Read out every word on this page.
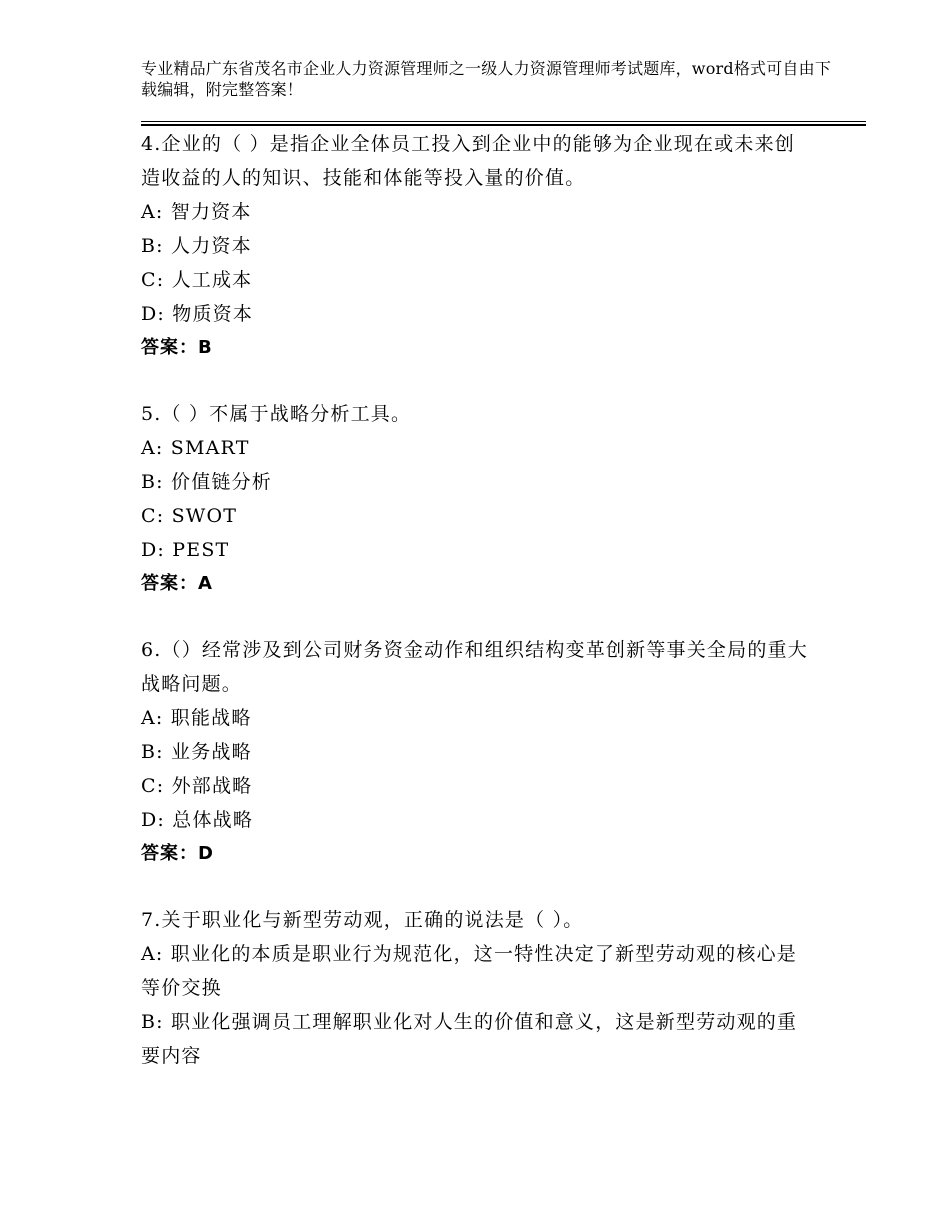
专业精品广东省茂名市企业人力资源管理师之一级人力资源管理师考试题库，word格式可自由下载编辑，附完整答案！
4.企业的（ ）是指企业全体员工投入到企业中的能够为企业现在或未来创造收益的人的知识、技能和体能等投入量的价值。
A: 智力资本
B: 人力资本
C: 人工成本
D: 物质资本
答案：B
5.（ ）不属于战略分析工具。
A: SMART
B: 价值链分析
C: SWOT
D: PEST
答案：A
6.（）经常涉及到公司财务资金动作和组织结构变革创新等事关全局的重大战略问题。
A: 职能战略
B: 业务战略
C: 外部战略
D: 总体战略
答案：D
7.关于职业化与新型劳动观，正确的说法是（ ）。
A: 职业化的本质是职业行为规范化，这一特性决定了新型劳动观的核心是等价交换
B: 职业化强调员工理解职业化对人生的价值和意义，这是新型劳动观的重要内容
